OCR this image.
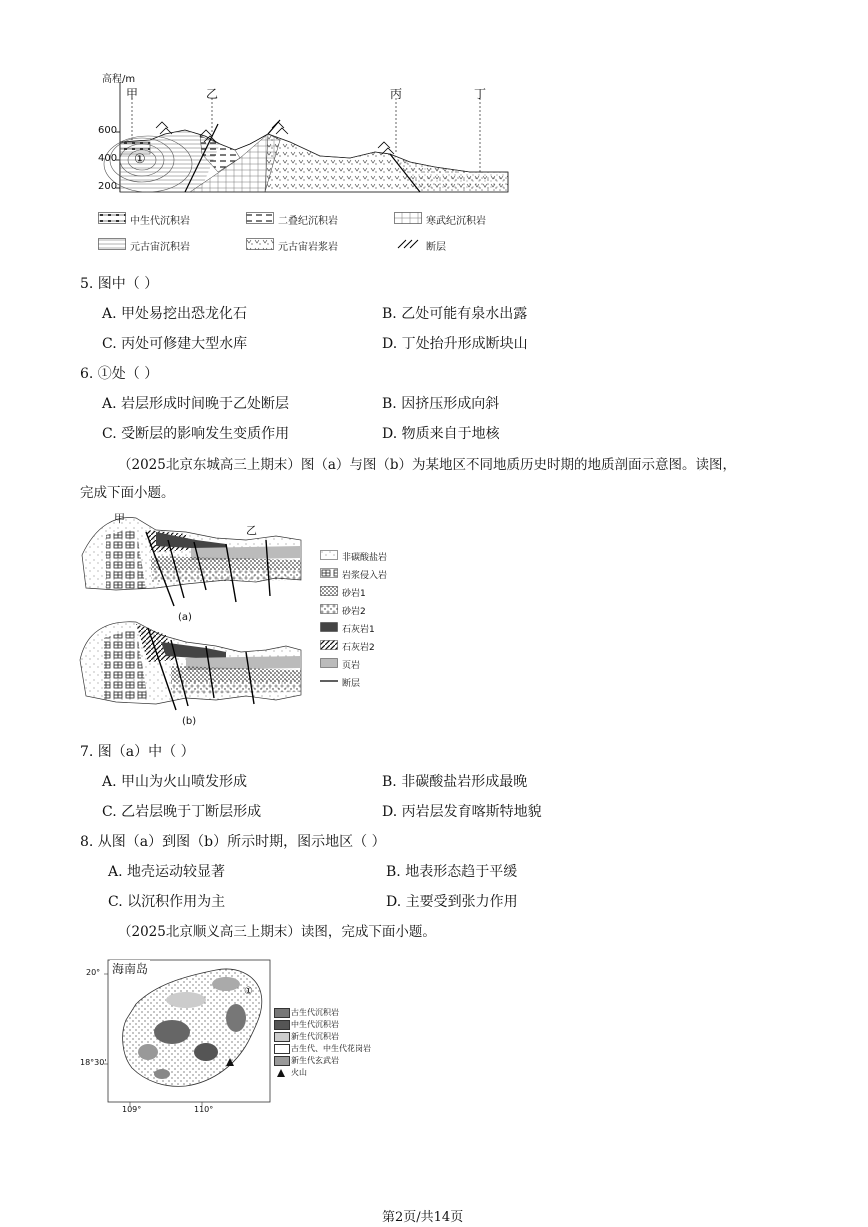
高程/m
600
400
200
甲	乙	丙	丁
①
中生代沉积岩	二叠纪沉积岩	寒武纪沉积岩
元古宙沉积岩	元古宙岩浆岩	断层
5. 图中（ ）
A. 甲处易挖出恐龙化石	B. 乙处可能有泉水出露
C. 丙处可修建大型水库	D. 丁处抬升形成断块山
6. ①处（ ）
A. 岩层形成时间晚于乙处断层	B. 因挤压形成向斜
C. 受断层的影响发生变质作用	D. 物质来自于地核
（2025北京东城高三上期末）图（a）与图（b）为某地区不同地质历史时期的地质剖面示意图。读图，
完成下面小题。
甲
乙
(a)
(b)
非碳酸盐岩
岩浆侵入岩
砂岩1
砂岩2
石灰岩1
石灰岩2
页岩
断层
7. 图（a）中（ ）
A. 甲山为火山喷发形成	B. 非碳酸盐岩形成最晚
C. 乙岩层晚于丁断层形成	D. 丙岩层发育喀斯特地貌
8. 从图（a）到图（b）所示时期，图示地区（ ）
A. 地壳运动较显著	B. 地表形态趋于平缓
C. 以沉积作用为主	D. 主要受到张力作用
（2025北京顺义高三上期末）读图，完成下面小题。
海南岛
20°
18°30'
109°	110°
①
古生代沉积岩
中生代沉积岩
新生代沉积岩
古生代、中生代花岗岩
新生代玄武岩
火山
第2页/共14页
